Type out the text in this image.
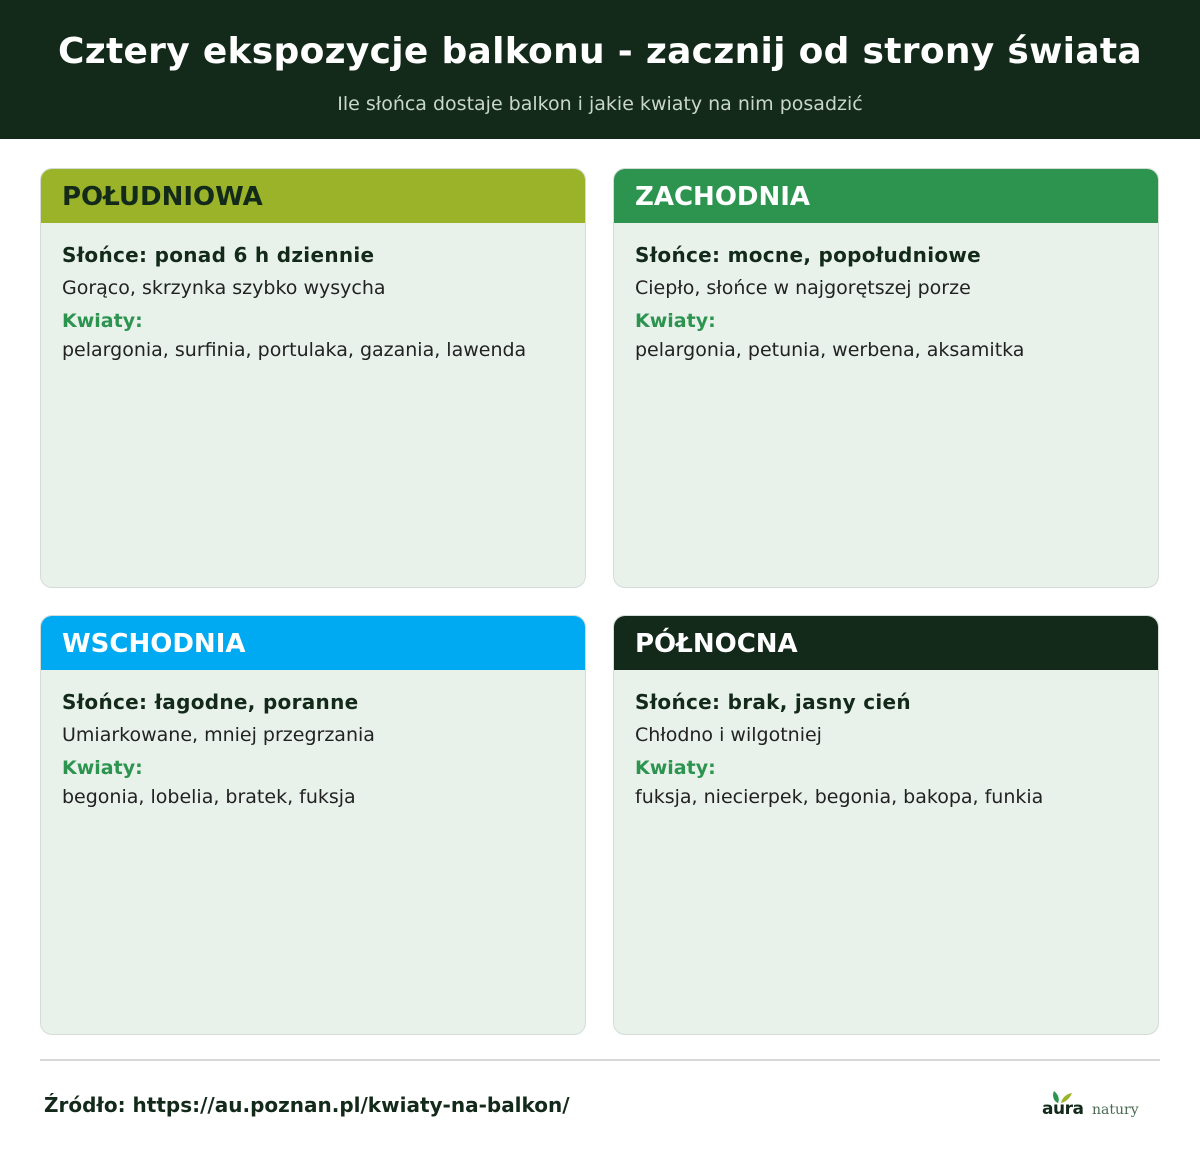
Cztery ekspozycje balkonu - zacznij od strony świata
Ile słońca dostaje balkon i jakie kwiaty na nim posadzić
POŁUDNIOWA
Słońce: ponad 6 h dziennie
Gorąco, skrzynka szybko wysycha
Kwiaty:
pelargonia, surfinia, portulaka, gazania, lawenda
ZACHODNIA
Słońce: mocne, popołudniowe
Ciepło, słońce w najgorętszej porze
Kwiaty:
pelargonia, petunia, werbena, aksamitka
WSCHODNIA
Słońce: łagodne, poranne
Umiarkowane, mniej przegrzania
Kwiaty:
begonia, lobelia, bratek, fuksja
PÓŁNOCNA
Słońce: brak, jasny cień
Chłodno i wilgotniej
Kwiaty:
fuksja, niecierpek, begonia, bakopa, funkia
Źródło: https://au.poznan.pl/kwiaty-na-balkon/	aura natury
